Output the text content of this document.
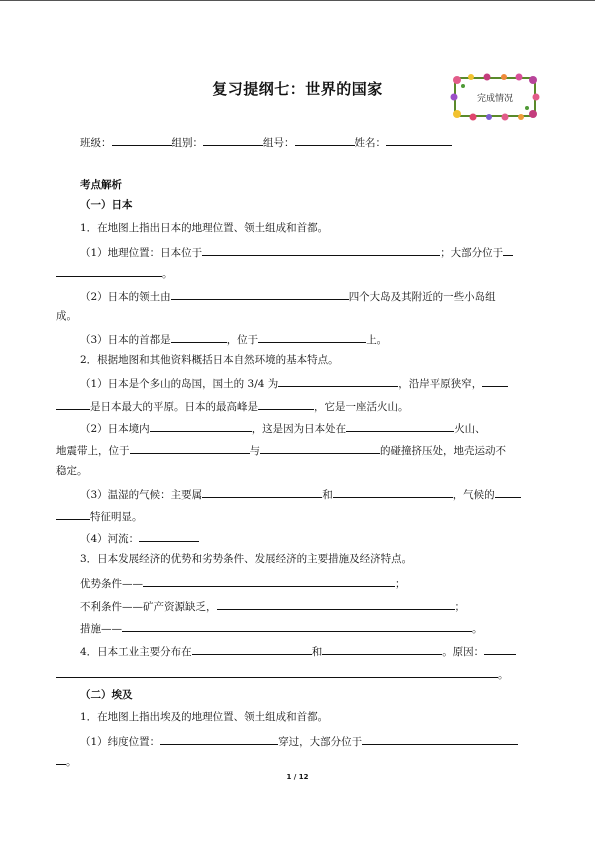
复习提纲七：世界的国家
完成情况
班级：	组别：	组号：	姓名：
考点解析
（一）日本
1．在地图上指出日本的地理位置、领土组成和首都。
（1）地理位置：日本位于	；大部分位于
。
（2）日本的领土由	四个大岛及其附近的一些小岛组
成。
（3）日本的首都是	，位于	上。
2．根据地图和其他资料概括日本自然环境的基本特点。
（1）日本是个多山的岛国，国土的 3/4 为	，沿岸平原狭窄，
是日本最大的平原。日本的最高峰是	，它是一座活火山。
（2）日本境内	，这是因为日本处在	火山、
地震带上，位于	与	的碰撞挤压处，地壳运动不
稳定。
（3）温湿的气候：主要属	和	，气候的
特征明显。
（4）河流：
3．日本发展经济的优势和劣势条件、发展经济的主要措施及经济特点。
优势条件——	；
不利条件——矿产资源缺乏，	；
措施——	。
4．日本工业主要分布在	和	。原因：
。
（二）埃及
1．在地图上指出埃及的地理位置、领土组成和首都。
（1）纬度位置：	穿过，大部分位于
。
1 / 12
